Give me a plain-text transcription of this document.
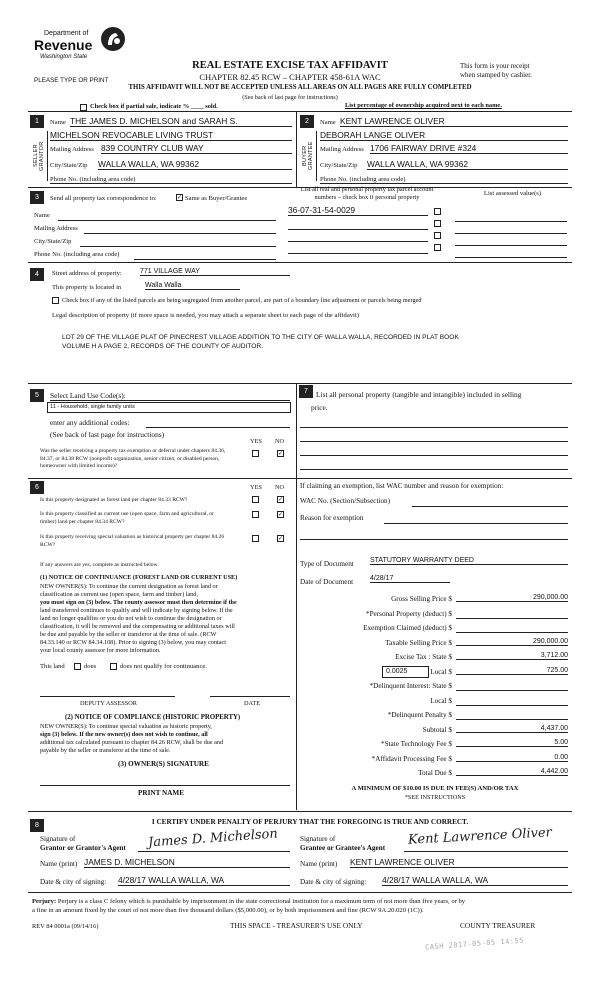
Department of
Revenue
Washington State
PLEASE TYPE OR PRINT
REAL ESTATE EXCISE TAX AFFIDAVIT
CHAPTER 82.45 RCW – CHAPTER 458-61A WAC
THIS AFFIDAVIT WILL NOT BE ACCEPTED UNLESS ALL AREAS ON ALL PAGES ARE FULLY COMPLETED
(See back of last page for instructions)
This form is your receipt
when stamped by cashier.
Check box if partial sale, indicate % ____ sold.	List percentage of ownership acquired next to each name.
1
SELLER GRANTOR
Name THE JAMES D. MICHELSON and SARAH S.
MICHELSON REVOCABLE LIVING TRUST
Mailing Address 839 COUNTRY CLUB WAY
City/State/Zip WALLA WALLA, WA 99362
Phone No. (including area code)
2
BUYER GRANTEE
Name KENT LAWRENCE OLIVER
DEBORAH LANGE OLIVER
Mailing Address 1706 FAIRWAY DRIVE #324
City/State/Zip WALLA WALLA, WA 99362
Phone No. (including area code)
3	Send all property tax correspondence to:	✓ Same as Buyer/Grantee
List all real and personal property tax parcel account
numbers – check box if personal property
List assessed value(s)
Name
Mailing Address
City/State/Zip
Phone No. (including area code)
36-07-31-54-0029
4	Street address of property:	771 VILLAGE WAY
This property is located in	Walla Walla
Check box if any of the listed parcels are being segregated from another parcel, are part of a boundary line adjustment or parcels being merged
Legal description of property (if more space is needed, you may attach a separate sheet to each page of the affidavit)
LOT 29 OF THE VILLAGE PLAT OF PINECREST VILLAGE ADDITION TO THE CITY OF WALLA WALLA, RECORDED IN PLAT BOOK
VOLUME H A PAGE 2, RECORDS OF THE COUNTY OF AUDITOR.
5	Select Land Use Code(s):
11 - Household, single family units
enter any additional codes:
(See back of last page for instructions)
YES NO
Was the seller receiving a property tax exemption or deferral under chapters 84.36, 84.37, or 84.38 RCW (nonprofit organization, senior citizen, or disabled person, homeowner with limited income)?
✓
7	List all personal property (tangible and intangible) included in selling
price.
6	YES NO
Is this property designated as forest land per chapter 84.33 RCW?	✓
Is this property classified as current use (open space, farm and agricultural, or timber) land per chapter 84.34 RCW?
✓
Is this property receiving special valuation as historical property per chapter 84.26 RCW?
✓
If any answers are yes, complete as instructed below.
(1) NOTICE OF CONTINUANCE (FOREST LAND OR CURRENT USE)
NEW OWNER(S): To continue the current designation as forest land or
classification as current use (open space, farm and timber) land,
you must sign on (3) below. The county assessor must then determine if the
land transferred continues to qualify and will indicate by signing below. If the
land no longer qualifies or you do not wish to continue the designation or
classification, it will be removed and the compensating or additional taxes will
be due and payable by the seller or transferor at the time of sale. (RCW
84.33.140 or RCW 84.34.108). Prior to signing (3) below, you may contact
your local county assessor for more information.
This land	does	does not qualify for continuance.
DEPUTY ASSESSOR	DATE
(2) NOTICE OF COMPLIANCE (HISTORIC PROPERTY)
NEW OWNER(S): To continue special valuation as historic property,
sign (3) below. If the new owner(s) does not wish to continue, all
additional tax calculated pursuant to chapter 84.26 RCW, shall be due and
payable by the seller or transferor at the time of sale.
(3) OWNER(S) SIGNATURE
PRINT NAME
If claiming an exemption, list WAC number and reason for exemption:
WAC No. (Section/Subsection)
Reason for exemption
Type of Document STATUTORY WARRANTY DEED
Date of Document 4/28/17
Gross Selling Price $	290,000.00
*Personal Property (deduct) $
Exemption Claimed (deduct) $
Taxable Selling Price $	290,000.00
Excise Tax : State $	3,712.00
0.0025	Local $	725.00
*Delinquent Interest: State $
Local $
*Delinquent Penalty $
Subtotal $	4,437.00
*State Technology Fee $	5.00
*Affidavit Processing Fee $	0.00
Total Due $	4,442.00
A MINIMUM OF $10.00 IS DUE IN FEE(S) AND/OR TAX
*SEE INSTRUCTIONS
8	I CERTIFY UNDER PENALTY OF PERJURY THAT THE FOREGOING IS TRUE AND CORRECT.
Signature of
Grantor or Grantor's Agent James D. Michelson
Name (print) JAMES D. MICHELSON
Date & city of signing: 4/28/17 WALLA WALLA, WA
Signature of
Grantee or Grantee's Agent
Kent Lawrence Oliver
Name (print) KENT LAWRENCE OLIVER
Date & city of signing: 4/28/17 WALLA WALLA, WA
Perjury: Perjury is a class C felony which is punishable by imprisonment in the state correctional institution for a maximum term of not more than five years, or by
a fine in an amount fixed by the court of not more than five thousand dollars ($5,000.00), or by both imprisonment and fine (RCW 9A.20.020 (1C)).
REV 84 0001a (09/14/16)	THIS SPACE - TREASURER'S USE ONLY	COUNTY TREASURER
CASH 2017-05-05 14:55
